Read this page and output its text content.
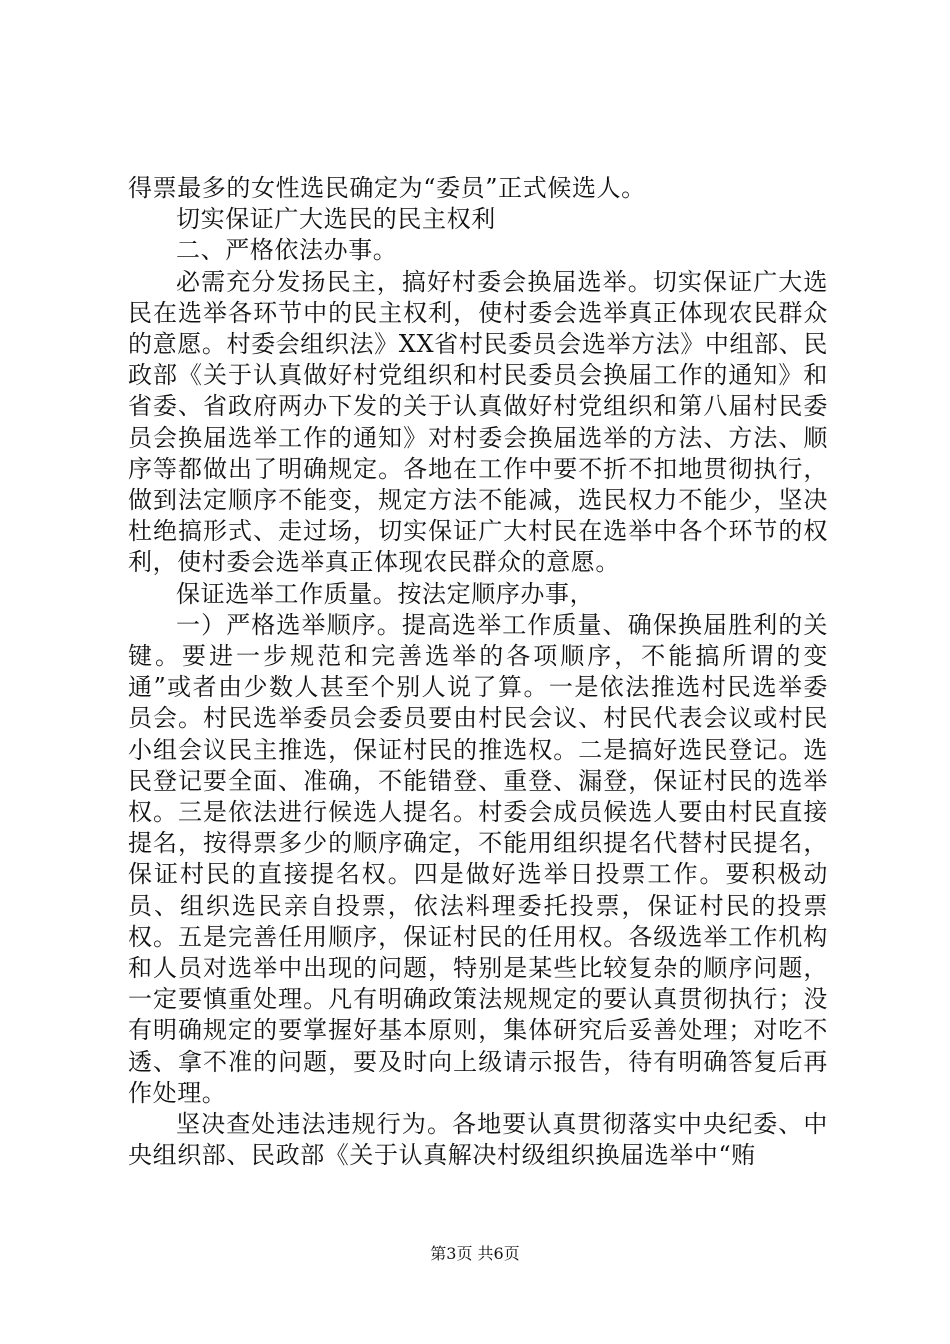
得票最多的女性选民确定为“委员”正式候选人。

切实保证广大选民的民主权利

二、严格依法办事。

必需充分发扬民主，搞好村委会换届选举。切实保证广大选民在选举各环节中的民主权利，使村委会选举真正体现农民群众的意愿。村委会组织法》XX省村民委员会选举方法》中组部、民政部《关于认真做好村党组织和村民委员会换届工作的通知》和省委、省政府两办下发的关于认真做好村党组织和第八届村民委员会换届选举工作的通知》对村委会换届选举的方法、方法、顺序等都做出了明确规定。各地在工作中要不折不扣地贯彻执行，做到法定顺序不能变，规定方法不能减，选民权力不能少，坚决杜绝搞形式、走过场，切实保证广大村民在选举中各个环节的权利，使村委会选举真正体现农民群众的意愿。

保证选举工作质量。按法定顺序办事，

一）严格选举顺序。提高选举工作质量、确保换届胜利的关键。要进一步规范和完善选举的各项顺序，不能搞所谓的变通”或者由少数人甚至个别人说了算。一是依法推选村民选举委员会。村民选举委员会委员要由村民会议、村民代表会议或村民小组会议民主推选，保证村民的推选权。二是搞好选民登记。选民登记要全面、准确，不能错登、重登、漏登，保证村民的选举权。三是依法进行候选人提名。村委会成员候选人要由村民直接提名，按得票多少的顺序确定，不能用组织提名代替村民提名，保证村民的直接提名权。四是做好选举日投票工作。要积极动员、组织选民亲自投票，依法料理委托投票，保证村民的投票权。五是完善任用顺序，保证村民的任用权。各级选举工作机构和人员对选举中出现的问题，特别是某些比较复杂的顺序问题，一定要慎重处理。凡有明确政策法规规定的要认真贯彻执行；没有明确规定的要掌握好基本原则，集体研究后妥善处理；对吃不透、拿不准的问题，要及时向上级请示报告，待有明确答复后再作处理。

坚决查处违法违规行为。各地要认真贯彻落实中央纪委、中央组织部、民政部《关于认真解决村级组织换届选举中“贿

第3页 共6页
